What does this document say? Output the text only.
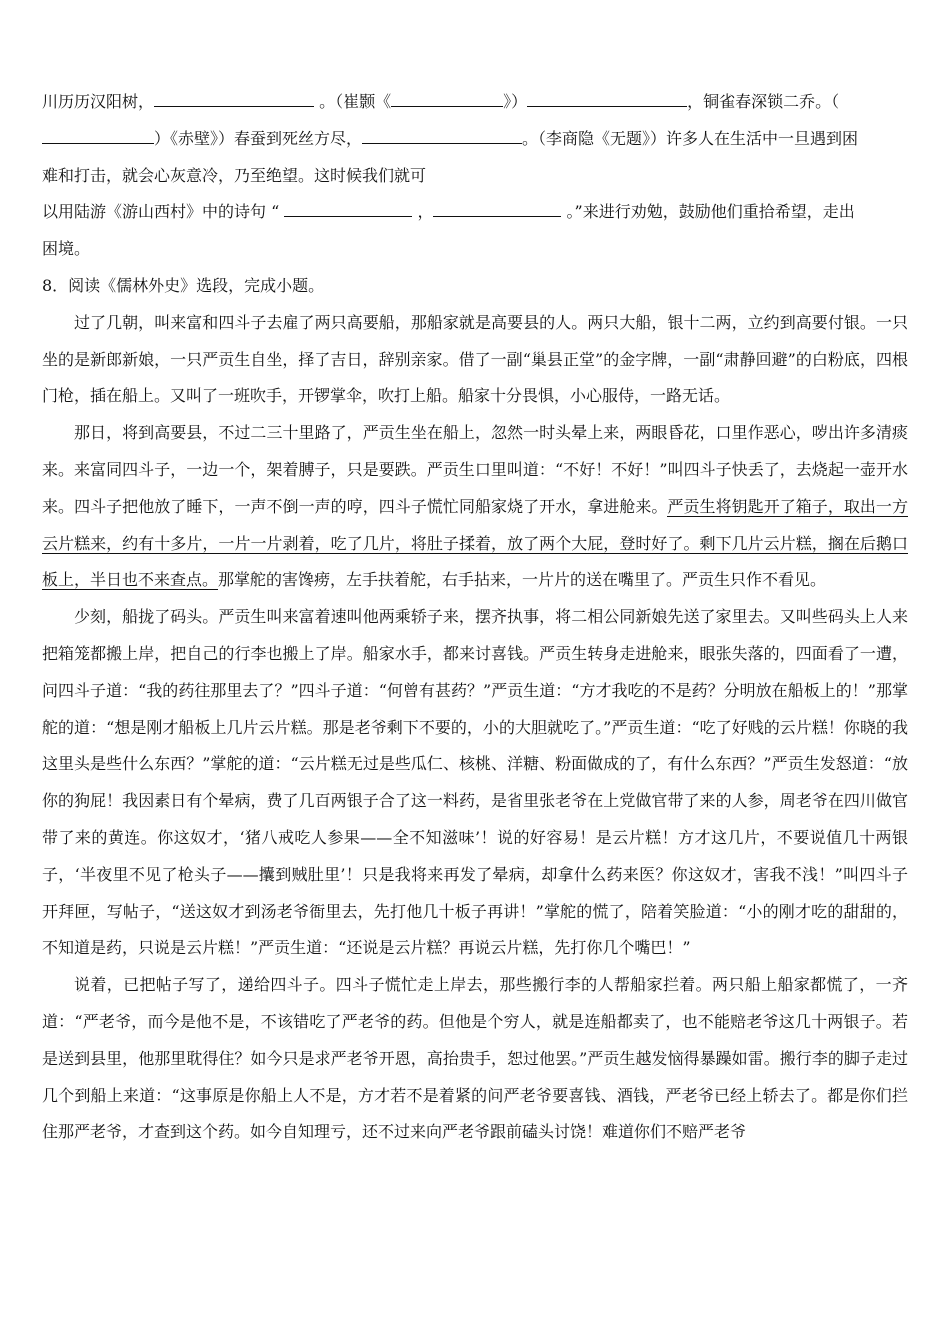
川历历汉阳树，	。（崔颢《	》）	，铜雀春深锁二乔。（
）《赤壁》）春蚕到死丝方尽，	。（李商隐《无题》）许多人在生活中一旦遇到困
难和打击，就会心灰意冷，乃至绝望。这时候我们就可
以用陆游《游山西村》中的诗句 “	，	。”来进行劝勉，鼓励他们重拾希望，走出
困境。

8．阅读《儒林外史》选段，完成小题。

过了几朝，叫来富和四斗子去雇了两只高要船，那船家就是高要县的人。两只大船，银十二两，立约到高要付银。一只坐的是新郎新娘，一只严贡生自坐，择了吉日，辞别亲家。借了一副“巢县正堂”的金字牌，一副“肃静回避”的白粉底，四根门枪，插在船上。又叫了一班吹手，开锣掌伞，吹打上船。船家十分畏惧，小心服侍，一路无话。

那日，将到高要县，不过二三十里路了，严贡生坐在船上，忽然一时头晕上来，两眼昏花，口里作恶心，哕出许多清痰来。来富同四斗子，一边一个，架着膊子，只是要跌。严贡生口里叫道：“不好！不好！”叫四斗子快丢了，去烧起一壶开水来。四斗子把他放了睡下，一声不倒一声的哼，四斗子慌忙同船家烧了开水，拿进舱来。严贡生将钥匙开了箱子，取出一方云片糕来，约有十多片，一片一片剥着，吃了几片，将肚子揉着，放了两个大屁，登时好了。剩下几片云片糕，搁在后鹅口板上，半日也不来查点。那掌舵的害馋痨，左手扶着舵，右手拈来，一片片的送在嘴里了。严贡生只作不看见。

少刻，船拢了码头。严贡生叫来富着速叫他两乘轿子来，摆齐执事，将二相公同新娘先送了家里去。又叫些码头上人来把箱笼都搬上岸，把自己的行李也搬上了岸。船家水手，都来讨喜钱。严贡生转身走进舱来，眼张失落的，四面看了一遭，问四斗子道：“我的药往那里去了？”四斗子道：“何曾有甚药？”严贡生道：“方才我吃的不是药？分明放在船板上的！”那掌舵的道：“想是刚才船板上几片云片糕。那是老爷剩下不要的，小的大胆就吃了。”严贡生道：“吃了好贱的云片糕！你晓的我这里头是些什么东西？”掌舵的道：“云片糕无过是些瓜仁、核桃、洋糖、粉面做成的了，有什么东西？”严贡生发怒道：“放你的狗屁！我因素日有个晕病，费了几百两银子合了这一料药，是省里张老爷在上党做官带了来的人参，周老爷在四川做官带了来的黄连。你这奴才，‘猪八戒吃人参果——全不知滋味’！说的好容易！是云片糕！方才这几片，不要说值几十两银子，‘半夜里不见了枪头子——攮到贼肚里’！只是我将来再发了晕病，却拿什么药来医？你这奴才，害我不浅！”叫四斗子开拜匣，写帖子，“送这奴才到汤老爷衙里去，先打他几十板子再讲！”掌舵的慌了，陪着笑脸道：“小的刚才吃的甜甜的，不知道是药，只说是云片糕！”严贡生道：“还说是云片糕？再说云片糕，先打你几个嘴巴！”

说着，已把帖子写了，递给四斗子。四斗子慌忙走上岸去，那些搬行李的人帮船家拦着。两只船上船家都慌了，一齐道：“严老爷，而今是他不是，不该错吃了严老爷的药。但他是个穷人，就是连船都卖了，也不能赔老爷这几十两银子。若是送到县里，他那里耽得住？如今只是求严老爷开恩，高抬贵手，恕过他罢。”严贡生越发恼得暴躁如雷。搬行李的脚子走过几个到船上来道：“这事原是你船上人不是，方才若不是着紧的问严老爷要喜钱、酒钱，严老爷已经上轿去了。都是你们拦住那严老爷，才查到这个药。如今自知理亏，还不过来向严老爷跟前磕头讨饶！难道你们不赔严老爷
